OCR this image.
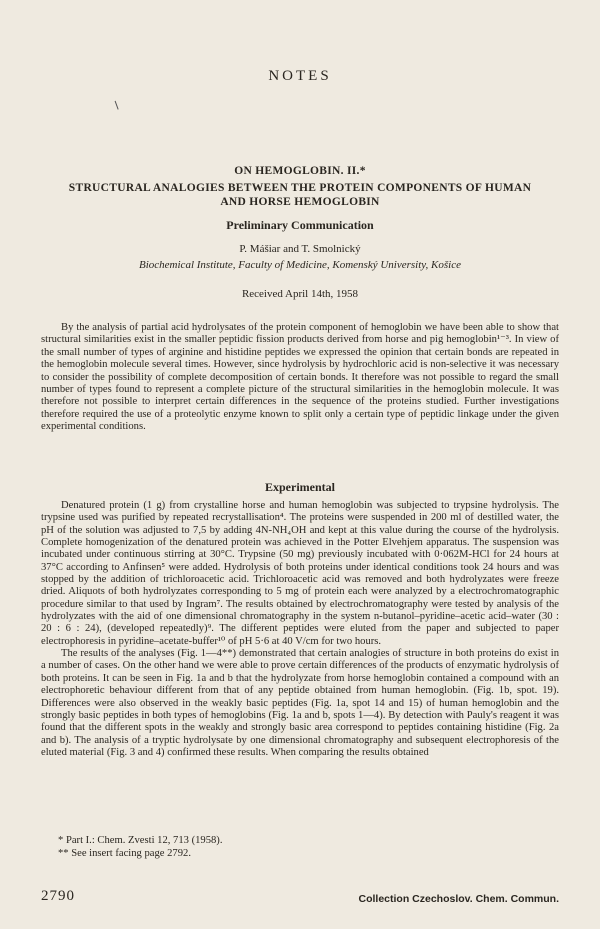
NOTES
ON HEMOGLOBIN. II.*
STRUCTURAL ANALOGIES BETWEEN THE PROTEIN COMPONENTS OF HUMAN AND HORSE HEMOGLOBIN
Preliminary Communication
P. Mášiar and T. Smolnický
Biochemical Institute, Faculty of Medicine, Komenský University, Košice
Received April 14th, 1958

By the analysis of partial acid hydrolysates of the protein component of hemoglobin we have been able to show that structural similarities exist in the smaller peptidic fission products derived from horse and pig hemoglobin¹⁻³. In view of the small number of types of arginine and histidine peptides we expressed the opinion that certain bonds are repeated in the hemoglobin molecule several times. However, since hydrolysis by hydrochloric acid is non-selective it was necessary to consider the possibility of complete decomposition of certain bonds. It therefore was not possible to regard the small number of types found to represent a complete picture of the structural similarities in the hemoglobin molecule. It was therefore not possible to interpret certain differences in the sequence of the proteins studied. Further investigations therefore required the use of a proteolytic enzyme known to split only a certain type of peptidic linkage under the given experimental conditions.

Experimental

Denatured protein (1 g) from crystalline horse and human hemoglobin was subjected to trypsine hydrolysis. The trypsine used was purified by repeated recrystallisation⁴. The proteins were suspended in 200 ml of destilled water, the pH of the solution was adjusted to 7,5 by adding 4N-NH₄OH and kept at this value during the course of the hydrolysis. Complete homogenization of the denatured protein was achieved in the Potter Elvehjem apparatus. The suspension was incubated under continuous stirring at 30°C. Trypsine (50 mg) previously incubated with 0·062M-HCl for 24 hours at 37°C according to Anfinsen⁵ were added. Hydrolysis of both proteins under identical conditions took 24 hours and was stopped by the addition of trichloroacetic acid. Trichloroacetic acid was removed and both hydrolyzates were freeze dried. Aliquots of both hydrolyzates corresponding to 5 mg of protein each were analyzed by a electrochromatographic procedure similar to that used by Ingram⁷. The results obtained by electrochromatography were tested by analysis of the hydrolyzates with the aid of one dimensional chromatography in the system n-butanol–pyridine–acetic acid–water (30 : 20 : 6 : 24), (developed repeatedly)⁹. The different peptides were eluted from the paper and subjected to paper electrophoresis in pyridine–acetate-buffer¹⁰ of pH 5·6 at 40 V/cm for two hours.

The results of the analyses (Fig. 1—4**) demonstrated that certain analogies of structure in both proteins do exist in a number of cases. On the other hand we were able to prove certain differences of the products of enzymatic hydrolysis of both proteins. It can be seen in Fig. 1a and b that the hydrolyzate from horse hemoglobin contained a compound with an electrophoretic behaviour different from that of any peptide obtained from human hemoglobin. (Fig. 1b, spot. 19). Differences were also observed in the weakly basic peptides (Fig. 1a, spot 14 and 15) of human hemoglobin and the strongly basic peptides in both types of hemoglobins (Fig. 1a and b, spots 1—4). By detection with Pauly's reagent it was found that the different spots in the weakly and strongly basic area correspond to peptides containing histidine (Fig. 2a and b). The analysis of a tryptic hydrolysate by one dimensional chromatography and subsequent electrophoresis of the eluted material (Fig. 3 and 4) confirmed these results. When comparing the results obtained

* Part I.: Chem. Zvesti 12, 713 (1958).
** See insert facing page 2792.
2790	Collection Czechoslov. Chem. Commun.
